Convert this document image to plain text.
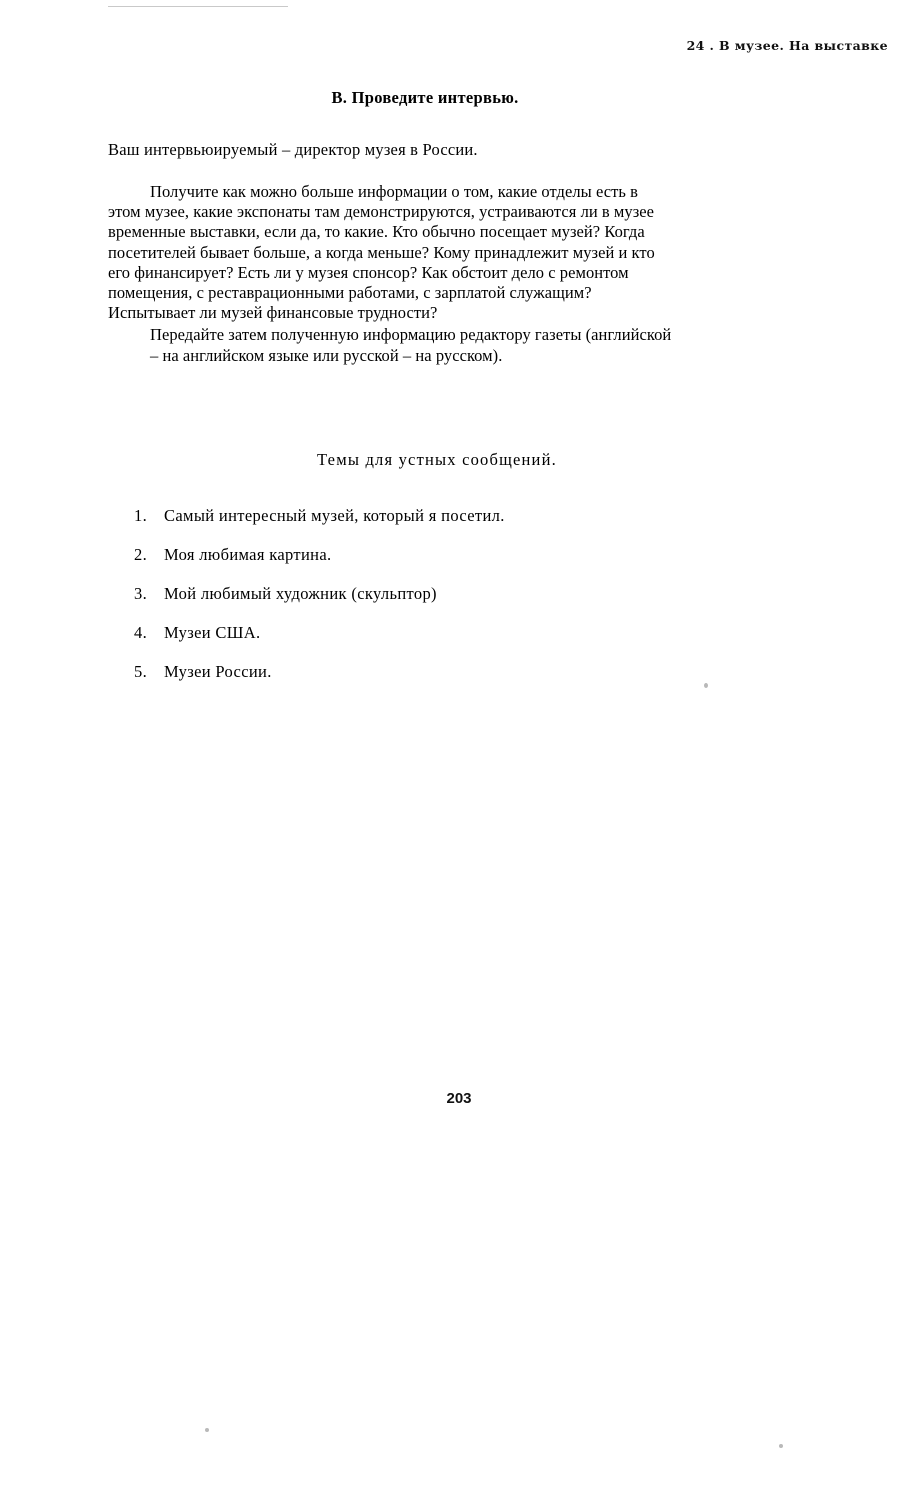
24 . В музее. На выставке
В. Проведите интервью.

Ваш интервьюируемый – директор музея в России.

Получите как можно больше информации о том, какие отделы есть в

этом музее, какие экспонаты там демонстрируются, устраиваются ли в музее

временные выставки, если да, то какие. Кто обычно посещает музей? Когда

посетителей бывает больше, а когда меньше? Кому принадлежит музей и кто

его финансирует? Есть ли у музея спонсор? Как обстоит дело с ремонтом

помещения, с реставрационными работами, с зарплатой служащим?

Испытывает ли музей финансовые трудности?

Передайте затем полученную информацию редактору газеты (английской
– на английском языке или русской – на русском).

Темы для устных сообщений.
1.	Самый интересный музей, который я посетил.
2.	Моя любимая картина.
3.	Мой любимый художник (скульптор)
4.	Музеи США.
5.	Музеи России.
203
